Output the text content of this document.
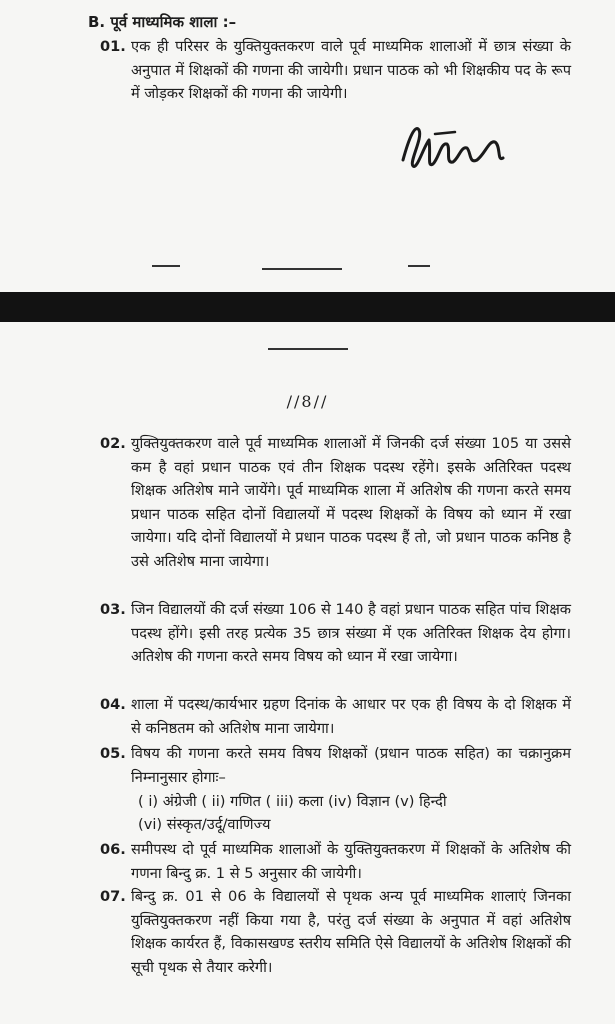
B. पूर्व माध्यमिक शाला :–
01. एक ही परिसर के युक्तियुक्तकरण वाले पूर्व माध्यमिक शालाओं में छात्र संख्या के अनुपात में शिक्षकों की गणना की जायेगी। प्रधान पाठक को भी शिक्षकीय पद के रूप में जोड़कर शिक्षकों की गणना की जायेगी।

//8//
02. युक्तियुक्तकरण वाले पूर्व माध्यमिक शालाओं में जिनकी दर्ज संख्या 105 या उससे कम है वहां प्रधान पाठक एवं तीन शिक्षक पदस्थ रहेंगे। इसके अतिरिक्त पदस्थ शिक्षक अतिशेष माने जायेंगे। पूर्व माध्यमिक शाला में अतिशेष की गणना करते समय प्रधान पाठक सहित दोनों विद्यालयों में पदस्थ शिक्षकों के विषय को ध्यान में रखा जायेगा। यदि दोनों विद्यालयों मे प्रधान पाठक पदस्थ हैं तो, जो प्रधान पाठक कनिष्ठ है उसे अतिशेष माना जायेगा।

03. जिन विद्यालयों की दर्ज संख्या 106 से 140 है वहां प्रधान पाठक सहित पांच शिक्षक पदस्थ होंगे। इसी तरह प्रत्येक 35 छात्र संख्या में एक अतिरिक्त शिक्षक देय होगा। अतिशेष की गणना करते समय विषय को ध्यान में रखा जायेगा।

04. शाला में पदस्थ/कार्यभार ग्रहण दिनांक के आधार पर एक ही विषय के दो शिक्षक में से कनिष्ठतम को अतिशेष माना जायेगा।

05. विषय की गणना करते समय विषय शिक्षकों (प्रधान पाठक सहित) का चक्रानुक्रम निम्नानुसार होगाः–

( i) अंग्रेजी ( ii) गणित ( iii) कला (iv) विज्ञान (v) हिन्दी
(vi) संस्कृत/उर्दू/वाणिज्य
06. समीपस्थ दो पूर्व माध्यमिक शालाओं के युक्तियुक्तकरण में शिक्षकों के अतिशेष की गणना बिन्दु क्र. 1 से 5 अनुसार की जायेगी।

07. बिन्दु क्र. 01 से 06 के विद्यालयों से पृथक अन्य पूर्व माध्यमिक शालाएं जिनका युक्तियुक्तकरण नहीं किया गया है, परंतु दर्ज संख्या के अनुपात में वहां अतिशेष शिक्षक कार्यरत हैं, विकासखण्ड स्तरीय समिति ऐसे विद्यालयों के अतिशेष शिक्षकों की सूची पृथक से तैयार करेगी।
